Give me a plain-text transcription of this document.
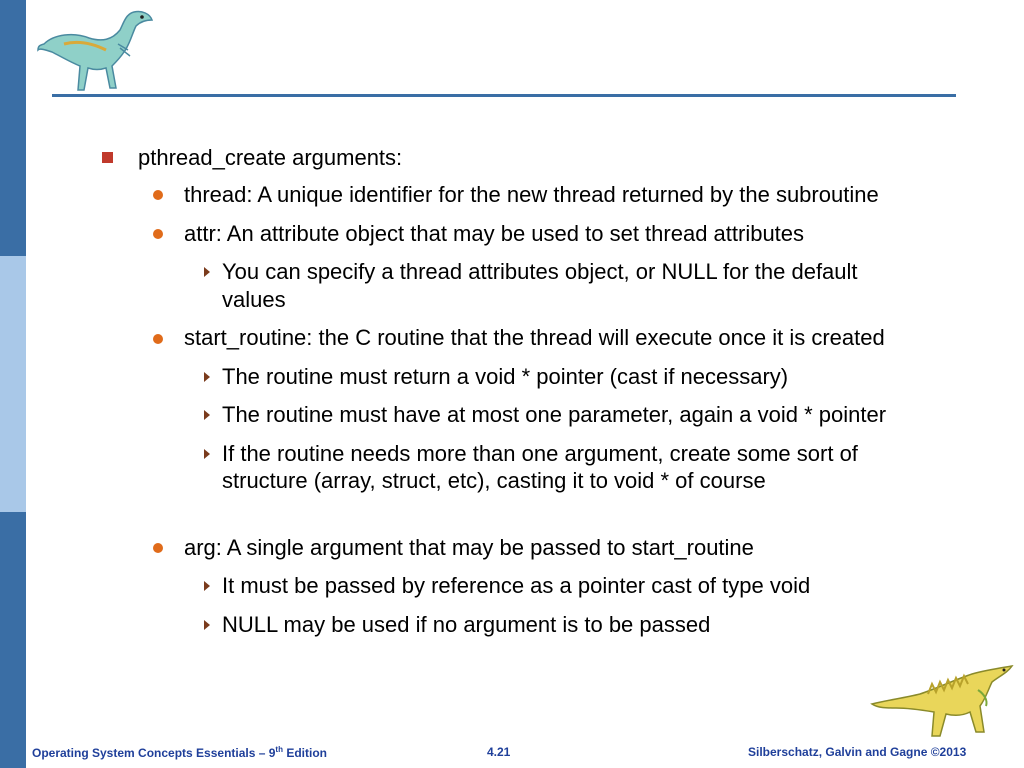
pthread_create arguments:
thread: A unique identifier for the new thread returned by the subroutine
attr: An attribute object that may be used to set thread attributes
You can specify a thread attributes object, or NULL for the default
values
start_routine: the C routine that the thread will execute once it is created
The routine must return a void * pointer (cast if necessary)
The routine must have at most one parameter, again a void * pointer
If the routine needs more than one argument, create some sort of
structure (array, struct, etc), casting it to void * of course
arg: A single argument that may be passed to start_routine
It must be passed by reference as a pointer cast of type void
NULL may be used if no argument is to be passed
Operating System Concepts Essentials – 9th Edition	4.21	Silberschatz, Galvin and Gagne ©2013
